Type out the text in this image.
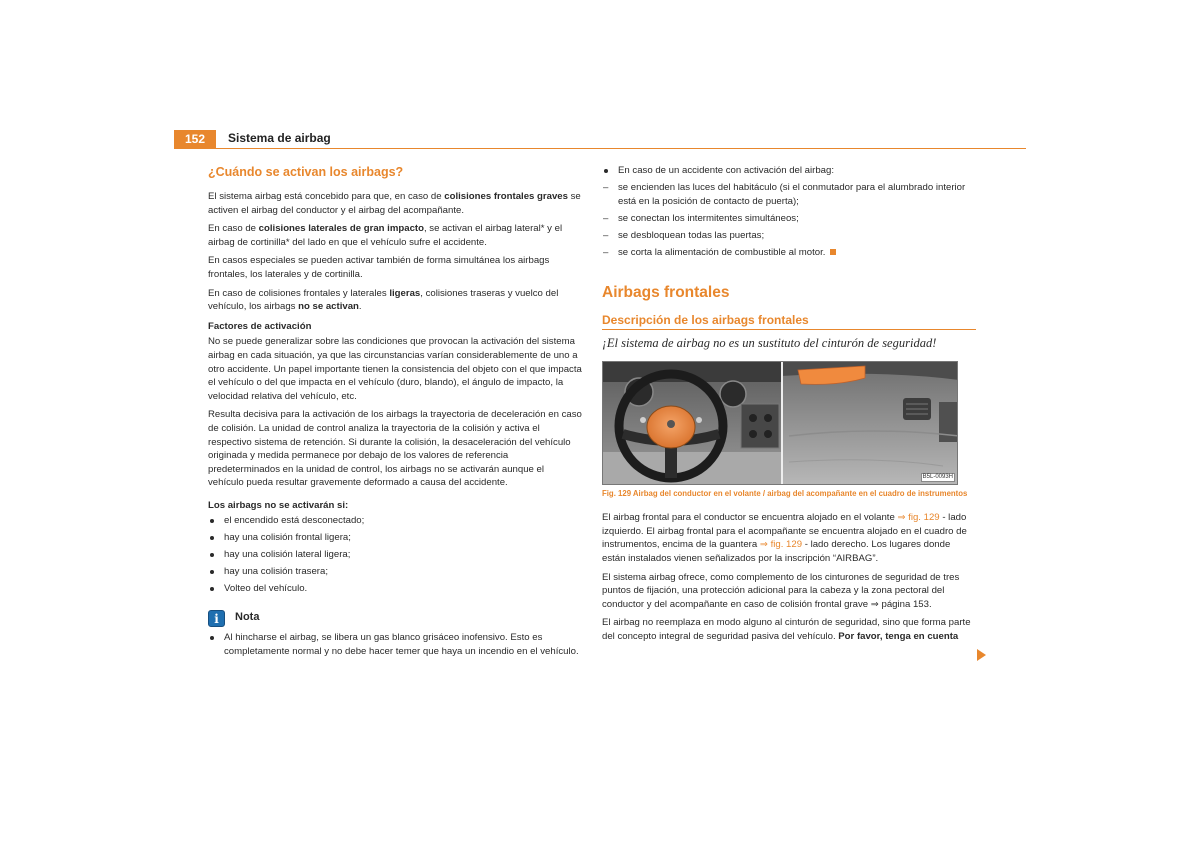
152	Sistema de airbag
¿Cuándo se activan los airbags?

El sistema airbag está concebido para que, en caso de colisiones frontales graves se activen el airbag del conductor y el airbag del acompañante.

En caso de colisiones laterales de gran impacto, se activan el airbag lateral* y el airbag de cortinilla* del lado en que el vehículo sufre el accidente.

En casos especiales se pueden activar también de forma simultánea los airbags frontales, los laterales y de cortinilla.

En caso de colisiones frontales y laterales ligeras, colisiones traseras y vuelco del vehículo, los airbags no se activan.

Factores de activación

No se puede generalizar sobre las condiciones que provocan la activación del sistema airbag en cada situación, ya que las circunstancias varían considerablemente de uno a otro accidente. Un papel importante tienen la consistencia del objeto con el que impacta el vehículo o del que impacta en el vehículo (duro, blando), el ángulo de impacto, la velocidad relativa del vehículo, etc.

Resulta decisiva para la activación de los airbags la trayectoria de deceleración en caso de colisión. La unidad de control analiza la trayectoria de la colisión y activa el respectivo sistema de retención. Si durante la colisión, la desaceleración del vehículo originada y medida permanece por debajo de los valores de referencia predeterminados en la unidad de control, los airbags no se activarán aunque el vehículo pueda resultar gravemente deformado a causa del accidente.

Los airbags no se activarán si:
el encendido está desconectado;
hay una colisión frontal ligera;
hay una colisión lateral ligera;
hay una colisión trasera;
Volteo del vehículo.
i	Nota
Al hincharse el airbag, se libera un gas blanco grisáceo inofensivo. Esto es completamente normal y no debe hacer temer que haya un incendio en el vehículo.
En caso de un accidente con activación del airbag:
– se encienden las luces del habitáculo (si el conmutador para el alumbrado interior está en la posición de contacto de puerta);
– se conectan los intermitentes simultáneos;
– se desbloquean todas las puertas;
– se corta la alimentación de combustible al motor.
Airbags frontales
Descripción de los airbags frontales
¡El sistema de airbag no es un sustituto del cinturón de seguridad!
B5L-0093H
Fig. 129 Airbag del conductor en el volante / airbag del acompañante en el cuadro de instrumentos

El airbag frontal para el conductor se encuentra alojado en el volante ⇒ fig. 129 - lado izquierdo. El airbag frontal para el acompañante se encuentra alojado en el cuadro de instrumentos, encima de la guantera ⇒ fig. 129 - lado derecho. Los lugares donde están instalados vienen señalizados por la inscripción “AIRBAG”.

El sistema airbag ofrece, como complemento de los cinturones de seguridad de tres puntos de fijación, una protección adicional para la cabeza y la zona pectoral del conductor y del acompañante en caso de colisión frontal grave ⇒ página 153.

El airbag no reemplaza en modo alguno al cinturón de seguridad, sino que forma parte del concepto integral de seguridad pasiva del vehículo. Por favor, tenga en cuenta
